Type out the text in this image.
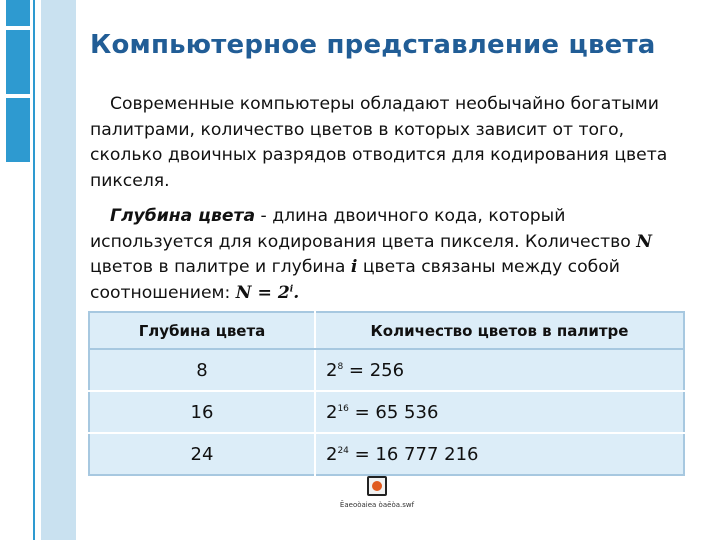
Компьютерное представление цвета

Современные компьютеры обладают необычайно богатыми палитрами, количество цветов в которых зависит от того, сколько двоичных разрядов отводится для кодирования цвета пикселя.

Глубина цвета - длина двоичного кода, который используется для кодирования цвета пикселя. Количество N цветов в палитре и глубина i цвета связаны между собой соотношением: $N = 2^i$.

Глубина цвета	Количество цветов в палитре
8	$2^8 = 256$
16	$2^{16} = 65$ 536
24	$2^{24} = 16$ 777 216
Ēaeoòaiea òaēòa.swf
